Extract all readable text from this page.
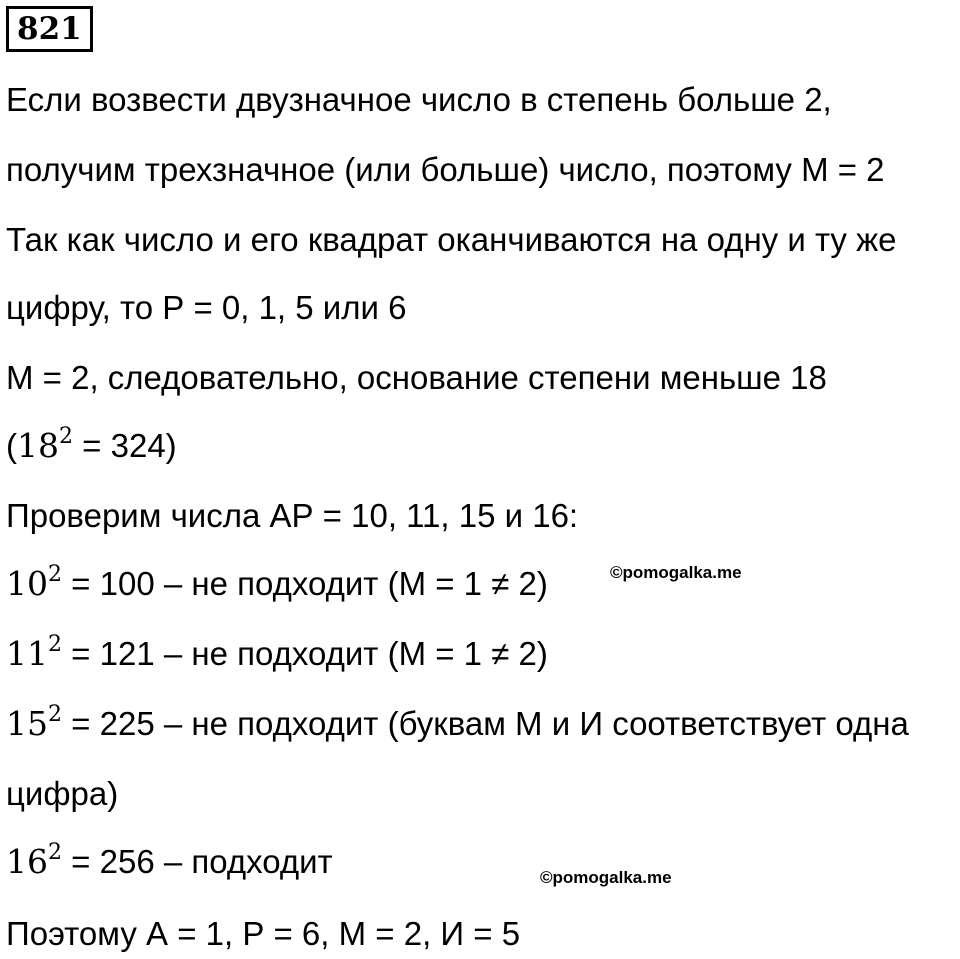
821
Если возвести двузначное число в степень больше 2,
получим трехзначное (или больше) число, поэтому М = 2
Так как число и его квадрат оканчиваются на одну и ту же
цифру, то Р = 0, 1, 5 или 6
М = 2, следовательно, основание степени меньше 18
$(18^2 = 324)$
Проверим числа АР = 10, 11, 15 и 16:
$10^2 = 100$ – не подходит (М = 1 ≠ 2)	©pomogalka.me
$11^2 = 121$ – не подходит (М = 1 ≠ 2)
$15^2 = 225$ – не подходит (буквам М и И соответствует одна
цифра)
$16^2 = 256$ – подходит	©pomogalka.me
Поэтому А = 1, Р = 6, М = 2, И = 5
